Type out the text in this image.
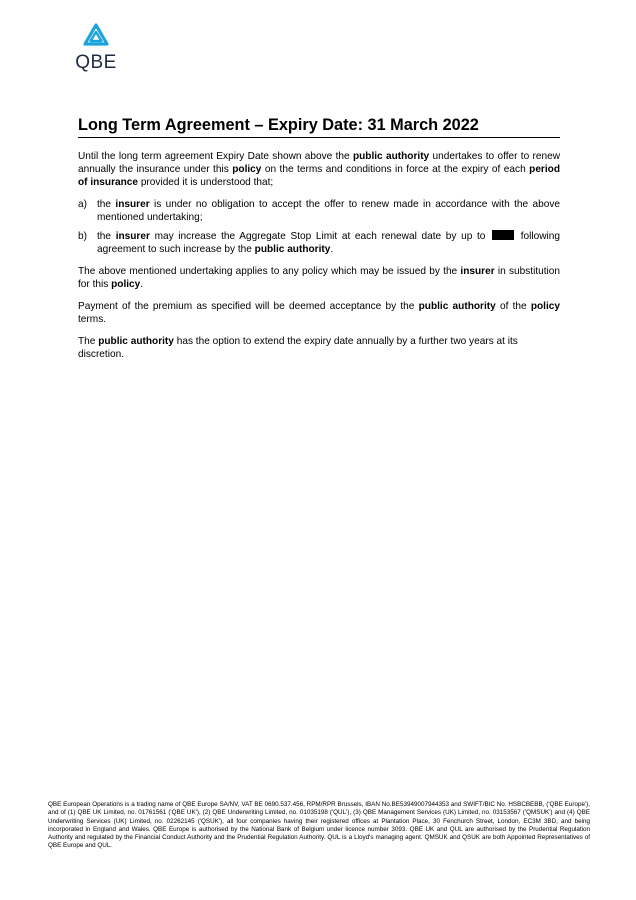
QBE
Long Term Agreement – Expiry Date: 31 March 2022

Until the long term agreement Expiry Date shown above the public authority undertakes to offer to renew annually the insurance under this policy on the terms and conditions in force at the expiry of each period of insurance provided it is understood that;

a) the insurer is under no obligation to accept the offer to renew made in accordance with the above mentioned undertaking;
b) the insurer may increase the Aggregate Stop Limit at each renewal date by up to	following agreement to such increase by the public authority.

The above mentioned undertaking applies to any policy which may be issued by the insurer in substitution for this policy.

Payment of the premium as specified will be deemed acceptance by the public authority of the policy terms.

The public authority has the option to extend the expiry date annually by a further two years at its discretion.

QBE European Operations is a trading name of QBE Europe SA/NV, VAT BE 0690.537.456, RPM/RPR Brussels, IBAN No.BE53949007944353 and SWIFT/BIC No. HSBCBEBB, ('QBE Europe'), and of (1) QBE UK Limited, no. 01761561 ('QBE UK'), (2) QBE Underwriting Limited, no. 01035198 ('QUL'), (3) QBE Management Services (UK) Limited, no. 03153567 ('QMSUK') and (4) QBE Underwriting Services (UK) Limited, no. 02262145 ('QSUK'), all four companies having their registered offices at Plantation Place, 30 Fenchurch Street, London, EC3M 3BD, and being incorporated in England and Wales. QBE Europe is authorised by the National Bank of Belgium under licence number 3093. QBE UK and QUL are authorised by the Prudential Regulation Authority and regulated by the Financial Conduct Authority and the Prudential Regulation Authority. QUL is a Lloyd's managing agent. QMSUK and QSUK are both Appointed Representatives of QBE Europe and QUL.
